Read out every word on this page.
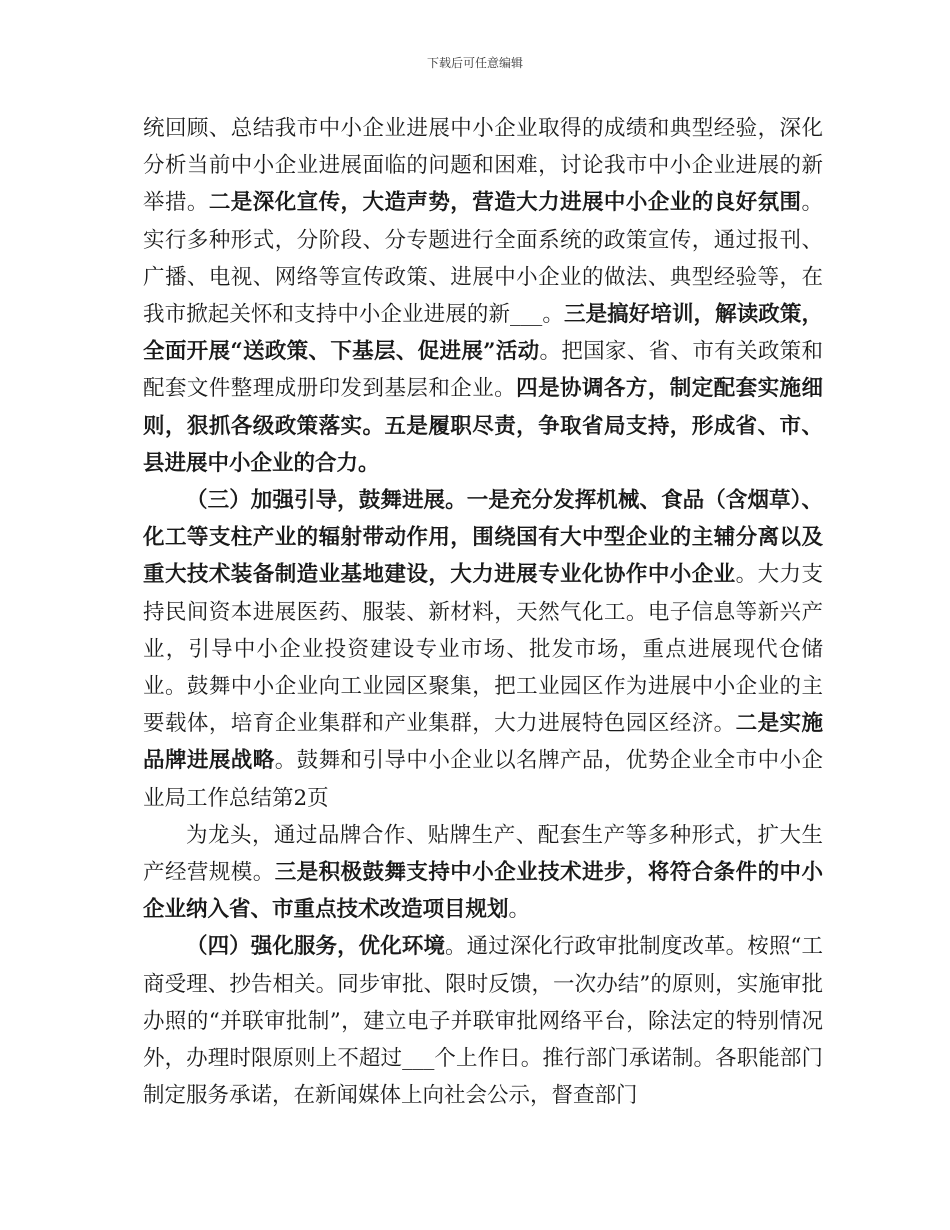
下载后可任意编辑

统回顾、总结我市中小企业进展中小企业取得的成绩和典型经验，深化分析当前中小企业进展面临的问题和困难，讨论我市中小企业进展的新举措。二是深化宣传，大造声势，营造大力进展中小企业的良好氛围。实行多种形式，分阶段、分专题进行全面系统的政策宣传，通过报刊、广播、电视、网络等宣传政策、进展中小企业的做法、典型经验等，在我市掀起关怀和支持中小企业进展的新___。三是搞好培训，解读政策，全面开展“送政策、下基层、促进展”活动。把国家、省、市有关政策和配套文件整理成册印发到基层和企业。四是协调各方，制定配套实施细则，狠抓各级政策落实。五是履职尽责，争取省局支持，形成省、市、县进展中小企业的合力。

（三）加强引导，鼓舞进展。一是充分发挥机械、食品（含烟草）、化工等支柱产业的辐射带动作用，围绕国有大中型企业的主辅分离以及重大技术装备制造业基地建设，大力进展专业化协作中小企业。大力支持民间资本进展医药、服装、新材料，天然气化工。电子信息等新兴产业，引导中小企业投资建设专业市场、批发市场，重点进展现代仓储业。鼓舞中小企业向工业园区聚集，把工业园区作为进展中小企业的主要载体，培育企业集群和产业集群，大力进展特色园区经济。二是实施品牌进展战略。鼓舞和引导中小企业以名牌产品，优势企业全市中小企业局工作总结第2页

为龙头，通过品牌合作、贴牌生产、配套生产等多种形式，扩大生产经营规模。三是积极鼓舞支持中小企业技术进步，将符合条件的中小企业纳入省、市重点技术改造项目规划。

（四）强化服务，优化环境。通过深化行政审批制度改革。桉照“工商受理、抄告相关。同步审批、限时反馈，一次办结”的原则，实施审批办照的“并联审批制”，建立电子并联审批网络平台，除法定的特别情况外，办理时限原则上不超过___个上作日。推行部门承诺制。各职能部门制定服务承诺，在新闻媒体上向社会公示，督查部门
